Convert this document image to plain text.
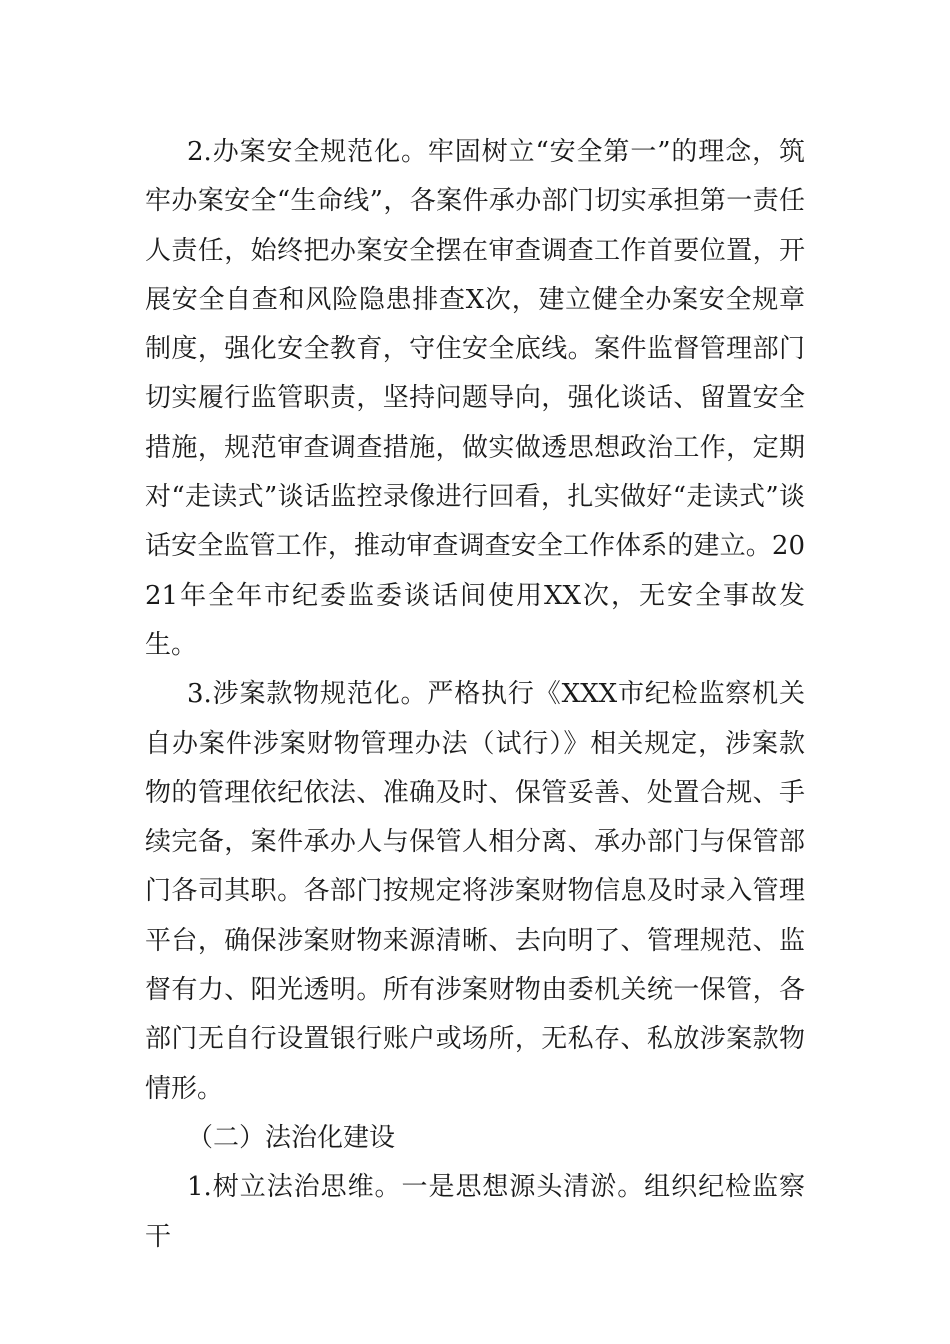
2.办案安全规范化。牢固树立“安全第一”的理念，筑牢办案安全“生命线”，各案件承办部门切实承担第一责任人责任，始终把办案安全摆在审查调查工作首要位置，开展安全自查和风险隐患排查X次，建立健全办案安全规章制度，强化安全教育，守住安全底线。案件监督管理部门切实履行监管职责，坚持问题导向，强化谈话、留置安全措施，规范审查调查措施，做实做透思想政治工作，定期对“走读式”谈话监控录像进行回看，扎实做好“走读式”谈话安全监管工作，推动审查调查安全工作体系的建立。2021年全年市纪委监委谈话间使用XX次，无安全事故发生。

3.涉案款物规范化。严格执行《XXX市纪检监察机关自办案件涉案财物管理办法（试行）》相关规定，涉案款物的管理依纪依法、准确及时、保管妥善、处置合规、手续完备，案件承办人与保管人相分离、承办部门与保管部门各司其职。各部门按规定将涉案财物信息及时录入管理平台，确保涉案财物来源清晰、去向明了、管理规范、监督有力、阳光透明。所有涉案财物由委机关统一保管，各部门无自行设置银行账户或场所，无私存、私放涉案款物情形。

（二）法治化建设

1.树立法治思维。一是思想源头清淤。组织纪检监察干
